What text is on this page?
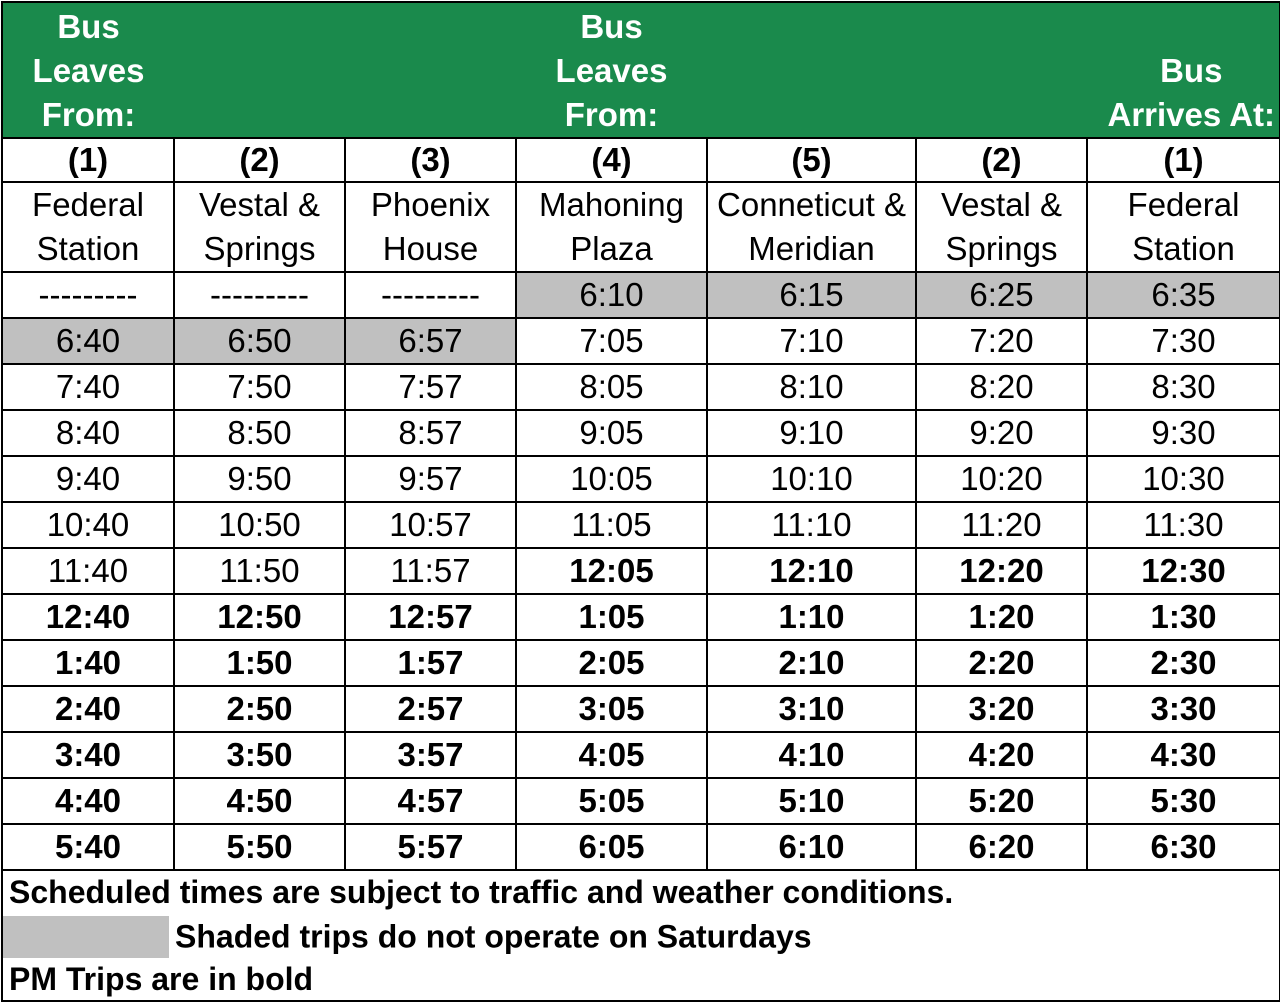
Bus
Leaves
From:			Bus
Leaves
From:			Bus
Arrives At:
(1)	(2)	(3)	(4)	(5)	(2)	(1)
Federal Station	Vestal & Springs	Phoenix House	Mahoning Plaza	Conneticut & Meridian	Vestal & Springs	Federal Station
---------	---------	---------	6:10	6:15	6:25	6:35
6:40	6:50	6:57	7:05	7:10	7:20	7:30
7:40	7:50	7:57	8:05	8:10	8:20	8:30
8:40	8:50	8:57	9:05	9:10	9:20	9:30
9:40	9:50	9:57	10:05	10:10	10:20	10:30
10:40	10:50	10:57	11:05	11:10	11:20	11:30
11:40	11:50	11:57	12:05	12:10	12:20	12:30
12:40	12:50	12:57	1:05	1:10	1:20	1:30
1:40	1:50	1:57	2:05	2:10	2:20	2:30
2:40	2:50	2:57	3:05	3:10	3:20	3:30
3:40	3:50	3:57	4:05	4:10	4:20	4:30
4:40	4:50	4:57	5:05	5:10	5:20	5:30
5:40	5:50	5:57	6:05	6:10	6:20	6:30
Scheduled times are subject to traffic and weather conditions.						
Shaded trips do not operate on Saturdays						
PM Trips are in bold						
